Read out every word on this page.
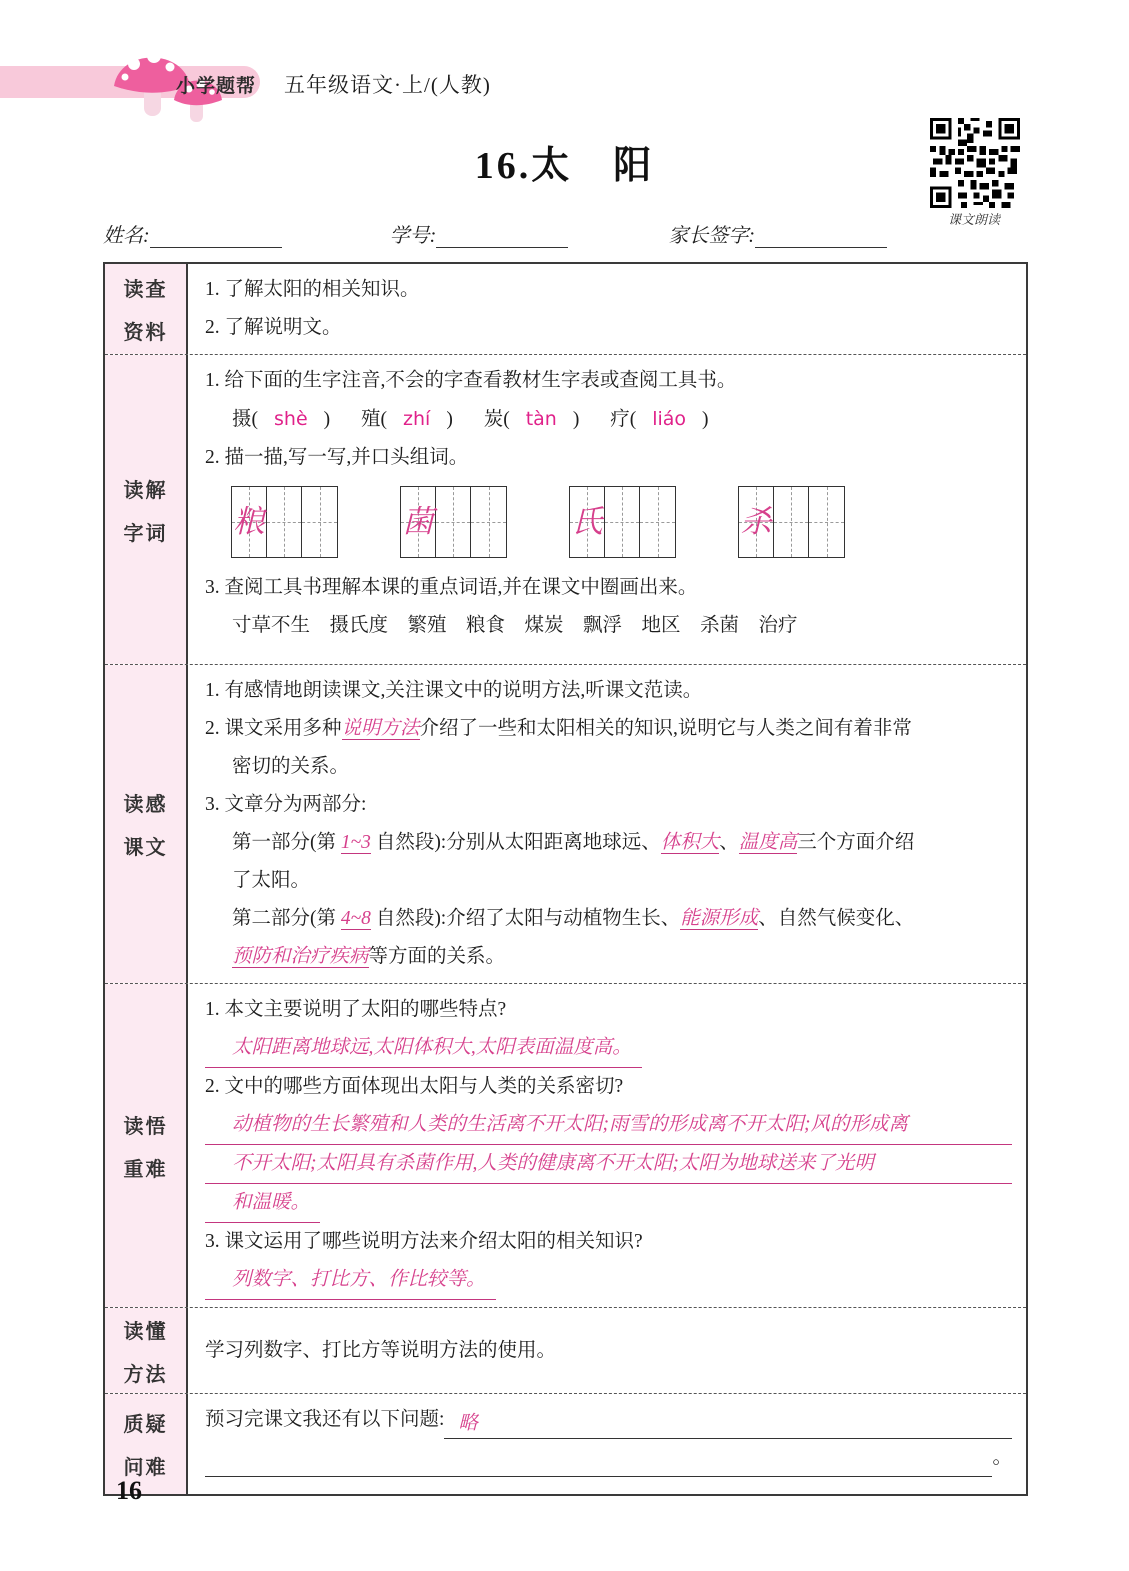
小学题帮 五年级语文·上/(人教)
16.太　阳
课文朗读
姓名:	学号:	家长签字:
读查
资料
1. 了解太阳的相关知识。
2. 了解说明文。
读解
字词
1. 给下面的生字注音,不会的字查看教材生字表或查阅工具书。
摄( shè ) 殖( zhí ) 炭( tàn ) 疗( liáo )
2. 描一描,写一写,并口头组词。
粮	菌	氏	杀
3. 查阅工具书理解本课的重点词语,并在课文中圈画出来。
寸草不生　摄氏度　繁殖　粮食　煤炭　飘浮　地区　杀菌　治疗
读感
课文
1. 有感情地朗读课文,关注课文中的说明方法,听课文范读。
2. 课文采用多种说明方法介绍了一些和太阳相关的知识,说明它与人类之间有着非常
密切的关系。
3. 文章分为两部分:
第一部分(第 1~3 自然段):分别从太阳距离地球远、体积大、温度高三个方面介绍
了太阳。
第二部分(第 4~8 自然段):介绍了太阳与动植物生长、能源形成、自然气候变化、
预防和治疗疾病等方面的关系。
读悟
重难
1. 本文主要说明了太阳的哪些特点?
太阳距离地球远,太阳体积大,太阳表面温度高。
2. 文中的哪些方面体现出太阳与人类的关系密切?
动植物的生长繁殖和人类的生活离不开太阳;雨雪的形成离不开太阳;风的形成离
不开太阳;太阳具有杀菌作用,人类的健康离不开太阳;太阳为地球送来了光明
和温暖。
3. 课文运用了哪些说明方法来介绍太阳的相关知识?
列数字、打比方、作比较等。
读懂
方法
学习列数字、打比方等说明方法的使用。
质疑
问难
预习完课文我还有以下问题: 略
。
16
